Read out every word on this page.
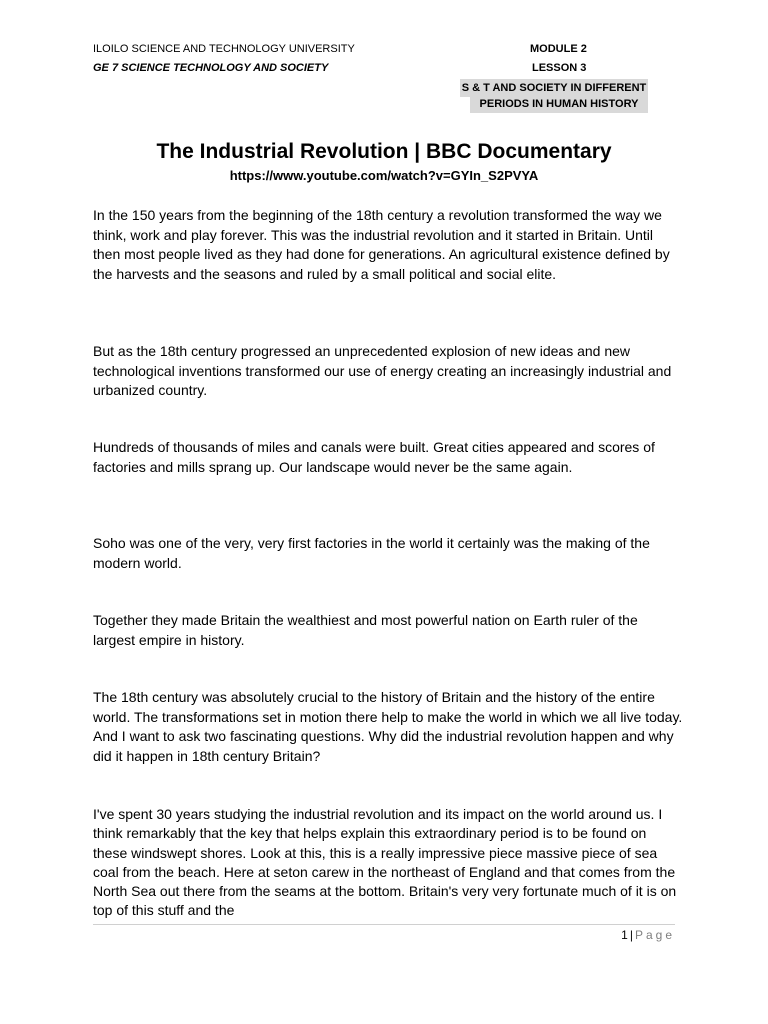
ILOILO SCIENCE AND TECHNOLOGY UNIVERSITY
GE 7 SCIENCE TECHNOLOGY AND SOCIETY
MODULE 2
LESSON 3
S & T AND SOCIETY IN DIFFERENT
PERIODS IN HUMAN HISTORY
The Industrial Revolution | BBC Documentary
https://www.youtube.com/watch?v=GYIn_S2PVYA

In the 150 years from the beginning of the 18th century a revolution transformed the way we think, work and play forever. This was the industrial revolution and it started in Britain. Until then most people lived as they had done for generations. An agricultural existence defined by the harvests and the seasons and ruled by a small political and social elite.

But as the 18th century progressed an unprecedented explosion of new ideas and new technological inventions transformed our use of energy creating an increasingly industrial and urbanized country.

Hundreds of thousands of miles and canals were built. Great cities appeared and scores of factories and mills sprang up. Our landscape would never be the same again.

Soho was one of the very, very first factories in the world it certainly was the making of the modern world.

Together they made Britain the wealthiest and most powerful nation on Earth ruler of the largest empire in history.

The 18th century was absolutely crucial to the history of Britain and the history of the entire world. The transformations set in motion there help to make the world in which we all live today. And I want to ask two fascinating questions. Why did the industrial revolution happen and why did it happen in 18th century Britain?

I've spent 30 years studying the industrial revolution and its impact on the world around us. I think remarkably that the key that helps explain this extraordinary period is to be found on these windswept shores. Look at this, this is a really impressive piece massive piece of sea coal from the beach. Here at seton carew in the northeast of England and that comes from the North Sea out there from the seams at the bottom. Britain's very very fortunate much of it is on top of this stuff and the
1 | Page
